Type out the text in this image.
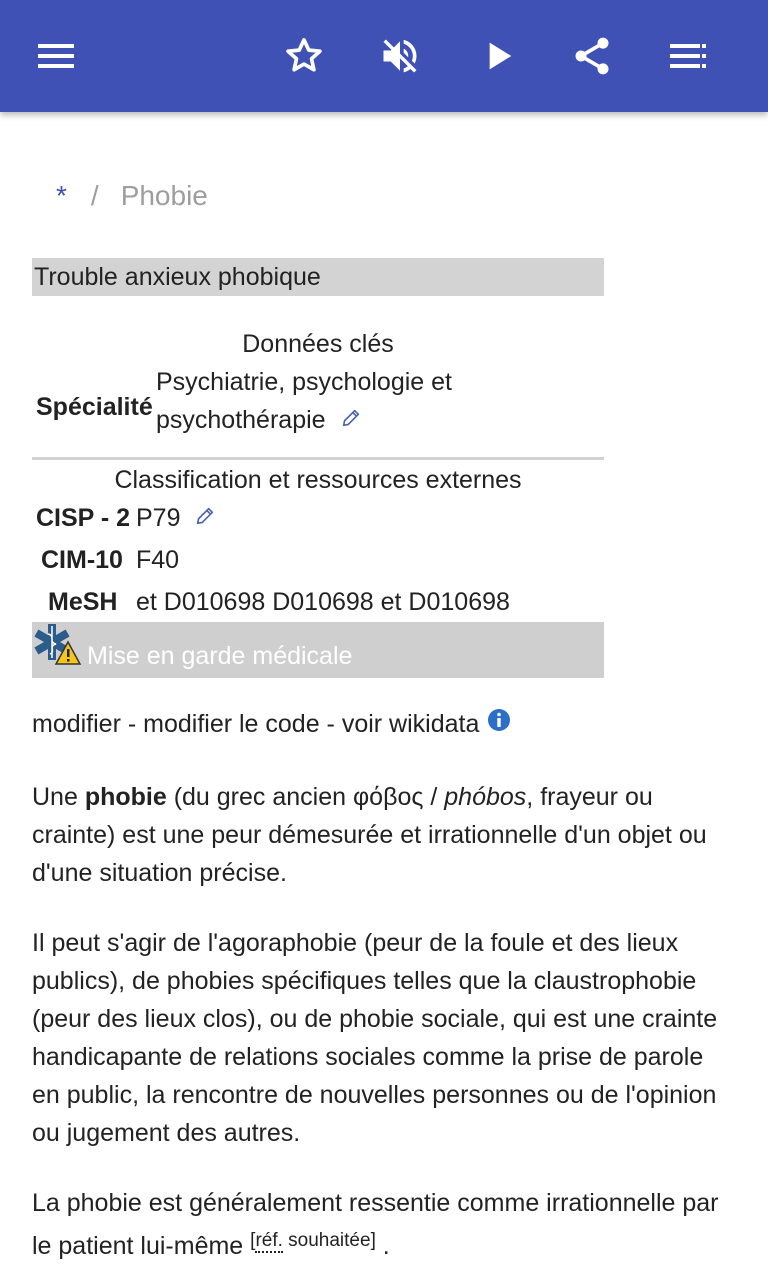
* / Phobie
Trouble anxieux phobique
Données clés
Spécialité
Psychiatrie, psychologie et
psychothérapie
Classification et ressources externes
CISP - 2 P79
CIM-10 F40
MeSH et D010698 D010698 et D010698
Mise en garde médicale
modifier - modifier le code - voir wikidata

Une phobie (du grec ancien φόβος / phóbos, frayeur ou crainte) est une peur démesurée et irrationnelle d'un objet ou d'une situation précise.

Il peut s'agir de l'agoraphobie (peur de la foule et des lieux publics), de phobies spécifiques telles que la claustrophobie (peur des lieux clos), ou de phobie sociale, qui est une crainte handicapante de relations sociales comme la prise de parole en public, la rencontre de nouvelles personnes ou de l'opinion ou jugement des autres.

La phobie est généralement ressentie comme irrationnelle par le patient lui-même [réf. souhaitée] .
